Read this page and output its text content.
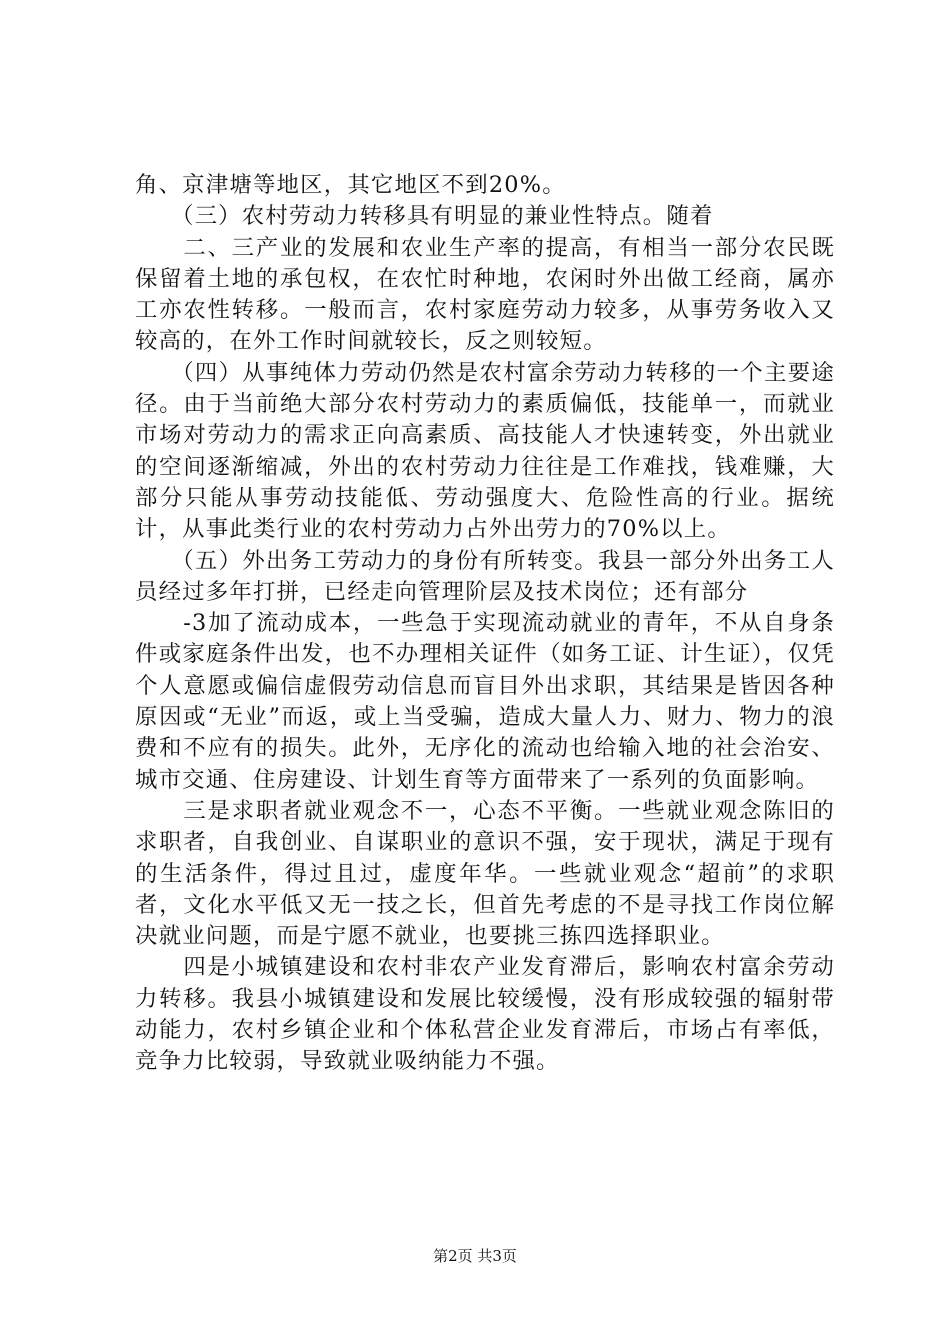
角、京津塘等地区，其它地区不到20%。

　　（三）农村劳动力转移具有明显的兼业性特点。随着

　　二、三产业的发展和农业生产率的提高，有相当一部分农民既保留着土地的承包权，在农忙时种地，农闲时外出做工经商，属亦工亦农性转移。一般而言，农村家庭劳动力较多，从事劳务收入又较高的，在外工作时间就较长，反之则较短。

　　（四）从事纯体力劳动仍然是农村富余劳动力转移的一个主要途径。由于当前绝大部分农村劳动力的素质偏低，技能单一，而就业市场对劳动力的需求正向高素质、高技能人才快速转变，外出就业的空间逐渐缩减，外出的农村劳动力往往是工作难找，钱难赚，大部分只能从事劳动技能低、劳动强度大、危险性高的行业。据统计，从事此类行业的农村劳动力占外出劳力的70%以上。

　　（五）外出务工劳动力的身份有所转变。我县一部分外出务工人员经过多年打拼，已经走向管理阶层及技术岗位；还有部分

　　-3加了流动成本，一些急于实现流动就业的青年，不从自身条件或家庭条件出发，也不办理相关证件（如务工证、计生证），仅凭个人意愿或偏信虚假劳动信息而盲目外出求职，其结果是皆因各种原因或“无业”而返，或上当受骗，造成大量人力、财力、物力的浪费和不应有的损失。此外，无序化的流动也给输入地的社会治安、城市交通、住房建设、计划生育等方面带来了一系列的负面影响。

　　三是求职者就业观念不一，心态不平衡。一些就业观念陈旧的求职者，自我创业、自谋职业的意识不强，安于现状，满足于现有的生活条件，得过且过，虚度年华。一些就业观念“超前”的求职者，文化水平低又无一技之长，但首先考虑的不是寻找工作岗位解决就业问题，而是宁愿不就业，也要挑三拣四选择职业。

　　四是小城镇建设和农村非农产业发育滞后，影响农村富余劳动力转移。我县小城镇建设和发展比较缓慢，没有形成较强的辐射带动能力，农村乡镇企业和个体私营企业发育滞后，市场占有率低，竞争力比较弱，导致就业吸纳能力不强。

第2页 共3页
